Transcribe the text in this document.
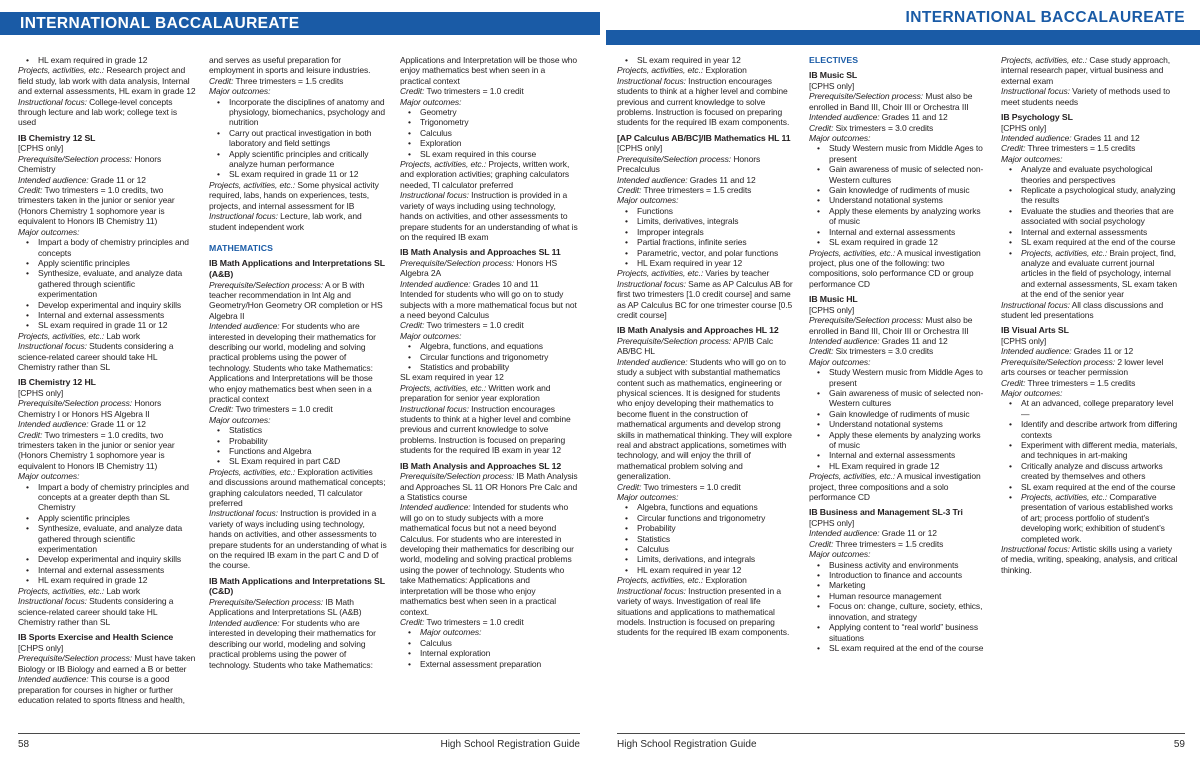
INTERNATIONAL BACCALAUREATE
• HL exam required in grade 12
Projects, activities, etc.: Research project and field study, lab work with data analysis, Internal and external assessments, HL exam in grade 12
Instructional focus: College-level concepts through lecture and lab work; college text is used
IB Chemistry 12 SL
[CPHS only]
Prerequisite/Selection process: Honors Chemistry
Intended audience: Grade 11 or 12
Credit: Two trimesters = 1.0 credits, two trimesters taken in the junior or senior year (Honors Chemistry 1 sophomore year is equivalent to Honors IB Chemistry 11)
Major outcomes:
• Impart a body of chemistry principles and concepts
• Apply scientific principles
• Synthesize, evaluate, and analyze data gathered through scientific experimentation
• Develop experimental and inquiry skills
• Internal and external assessments
• SL exam required in grade 11 or 12
Projects, activities, etc.: Lab work
Instructional focus: Students considering a science-related career should take HL Chemistry rather than SL
IB Chemistry 12 HL
[CPHS only]
Prerequisite/Selection process: Honors Chemistry I or Honors HS Algebra II
Intended audience: Grade 11 or 12
Credit: Two trimesters = 1.0 credits, two trimesters taken in the junior or senior year (Honors Chemistry 1 sophomore year is equivalent to Honors IB Chemistry 11)
Major outcomes:
• Impart a body of chemistry principles and concepts at a greater depth than SL Chemistry
• Apply scientific principles
• Synthesize, evaluate, and analyze data gathered through scientific experimentation
• Develop experimental and inquiry skills
• Internal and external assessments
• HL exam required in grade 12
Projects, activities, etc.: Lab work
Instructional focus: Students considering a science-related career should take HL Chemistry rather than SL
IB Sports Exercise and Health Science
[CHPS only]
Prerequisite/Selection process: Must have taken Biology or IB Biology and earned a B or better
Intended audience: This course is a good preparation for courses in higher or further education related to sports fitness and health,
and serves as useful preparation for employment in sports and leisure industries.
Credit: Three trimesters = 1.5 credits
Major outcomes:
• Incorporate the disciplines of anatomy and physiology, biomechanics, psychology and nutrition
• Carry out practical investigation in both laboratory and field settings
• Apply scientific principles and critically analyze human performance
• SL exam required in grade 11 or 12
Projects, activities, etc.: Some physical activity required, labs, hands on experiences, tests, projects, and internal assessment for IB
Instructional focus: Lecture, lab work, and student independent work
MATHEMATICS
IB Math Applications and Interpretations SL (A&B)
Prerequisite/Selection process: A or B with teacher recommendation in Int Alg and Geometry/Hon Geometry OR completion or HS Algebra II
Intended audience: For students who are interested in developing their mathematics for describing our world, modeling and solving practical problems using the power of technology. Students who take Mathematics: Applications and Interpretations will be those who enjoy mathematics best when seen in a practical context
Credit: Two trimesters = 1.0 credit
Major outcomes:
• Statistics
• Probability
• Functions and Algebra
• SL Exam required in part C&D
Projects, activities, etc.: Exploration activities and discussions around mathematical concepts; graphing calculators needed, TI calculator preferred
Instructional focus: Instruction is provided in a variety of ways including using technology, hands on activities, and other assessments to prepare students for an understanding of what is on the required IB exam in the part C and D of the course.
IB Math Applications and Interpretations SL (C&D)
Prerequisite/Selection process: IB Math Applications and Interpretations SL (A&B)
Intended audience: For students who are interested in developing their mathematics for describing our world, modeling and solving practical problems using the power of technology. Students who take Mathematics:
Applications and Interpretation will be those who enjoy mathematics best when seen in a practical context
Credit: Two trimesters = 1.0 credit
Major outcomes:
• Geometry
• Trigonometry
• Calculus
• Exploration
• SL exam required in this course
Projects, activities, etc.: Projects, written work, and exploration activities; graphing calculators needed, TI calculator preferred
Instructional focus: Instruction is provided in a variety of ways including using technology, hands on activities, and other assessments to prepare students for an understanding of what is on the required IB exam
IB Math Analysis and Approaches SL 11
Prerequisite/Selection process: Honors HS Algebra 2A
Intended audience: Grades 10 and 11
Intended for students who will go on to study subjects with a more mathematical focus but not a need beyond Calculus
Credit: Two trimesters = 1.0 credit
Major outcomes:
• Algebra, functions, and equations
• Circular functions and trigonometry
• Statistics and probability
SL exam required in year 12
Projects, activities, etc.: Written work and preparation for senior year exploration
Instructional focus: Instruction encourages students to think at a higher level and combine previous and current knowledge to solve problems. Instruction is focused on preparing students for the required IB exam in year 12
IB Math Analysis and Approaches SL 12
Prerequisite/Selection process: IB Math Analysis and Approaches SL 11 OR Honors Pre Calc and a Statistics course
Intended audience: Intended for students who will go on to study subjects with a more mathematical focus but not a need beyond Calculus. For students who are interested in developing their mathematics for describing our world, modeling and solving practical problems using the power of technology. Students who take Mathematics: Applications and interpretation will be those who enjoy mathematics best when seen in a practical context.
Credit: Two trimesters = 1.0 credit
• Major outcomes:
• Calculus
• Internal exploration
• External assessment preparation
58	High School Registration Guide
INTERNATIONAL BACCALAUREATE
• SL exam required in year 12
Projects, activities, etc.: Exploration
Instructional focus: Instruction encourages students to think at a higher level and combine previous and current knowledge to solve problems. Instruction is focused on preparing students for the required IB exam components.
[AP Calculus AB/BC]/IB Mathematics HL 11
[CPHS only]
Prerequisite/Selection process: Honors Precalculus
Intended audience: Grades 11 and 12
Credit: Three trimesters = 1.5 credits
Major outcomes:
• Functions
• Limits, derivatives, integrals
• Improper integrals
• Partial fractions, infinite series
• Parametric, vector, and polar functions
• HL Exam required in year 12
Projects, activities, etc.: Varies by teacher
Instructional focus: Same as AP Calculus AB for first two trimesters [1.0 credit course] and same as AP Calculus BC for one trimester course [0.5 credit course]
IB Math Analysis and Approaches HL 12
Prerequisite/Selection process: AP/IB Calc AB/BC HL
Intended audience: Students who will go on to study a subject with substantial mathematics content such as mathematics, engineering or physical sciences. It is designed for students who enjoy developing their mathematics to become fluent in the construction of mathematical arguments and develop strong skills in mathematical thinking. They will explore real and abstract applications, sometimes with technology, and will enjoy the thrill of mathematical problem solving and generalization.
Credit: Two trimesters = 1.0 credit
Major outcomes:
• Algebra, functions and equations
• Circular functions and trigonometry
• Probability
• Statistics
• Calculus
• Limits, derivations, and integrals
• HL exam required in year 12
Projects, activities, etc.: Exploration
Instructional focus: Instruction presented in a variety of ways. Investigation of real life situations and applications to mathematical models. Instruction is focused on preparing students for the required IB exam components.
ELECTIVES
IB Music SL
[CPHS only]
Prerequisite/Selection process: Must also be enrolled in Band III, Choir III or Orchestra III
Intended audience: Grades 11 and 12
Credit: Six trimesters = 3.0 credits
Major outcomes:
• Study Western music from Middle Ages to present
• Gain awareness of music of selected non-Western cultures
• Gain knowledge of rudiments of music
• Understand notational systems
• Apply these elements by analyzing works of music
• Internal and external assessments
• SL exam required in grade 12
Projects, activities, etc.: A musical investigation project, plus one of the following: two compositions, solo performance CD or group performance CD
IB Music HL
[CPHS only]
Prerequisite/Selection process: Must also be enrolled in Band III, Choir III or Orchestra III
Intended audience: Grades 11 and 12
Credit: Six trimesters = 3.0 credits
Major outcomes:
• Study Western music from Middle Ages to present
• Gain awareness of music of selected non-Western cultures
• Gain knowledge of rudiments of music
• Understand notational systems
• Apply these elements by analyzing works of music
• Internal and external assessments
• HL Exam required in grade 12
Projects, activities, etc.: A musical investigation project, three compositions and a solo performance CD
IB Business and Management SL-3 Tri
[CPHS only]
Intended audience: Grade 11 or 12
Credit: Three trimesters = 1.5 credits
Major outcomes:
• Business activity and environments
• Introduction to finance and accounts
• Marketing
• Human resource management
• Focus on: change, culture, society, ethics, innovation, and strategy
• Applying content to “real world” business situations
• SL exam required at the end of the course
Projects, activities, etc.: Case study approach, internal research paper, virtual business and external exam
Instructional focus: Variety of methods used to meet students needs
IB Psychology SL
[CPHS only]
Intended audience: Grades 11 and 12
Credit: Three trimesters = 1.5 credits
Major outcomes:
• Analyze and evaluate psychological theories and perspectives
• Replicate a psychological study, analyzing the results
• Evaluate the studies and theories that are associated with social psychology
• Internal and external assessments
• SL exam required at the end of the course
• Projects, activities, etc.: Brain project, find, analyze and evaluate current journal articles in the field of psychology, internal and external assessments, SL exam taken at the end of the senior year
Instructional focus: All class discussions and student led presentations
IB Visual Arts SL
[CPHS only]
Intended audience: Grades 11 or 12
Prerequisite/Selection process: 2 lower level arts courses or teacher permission
Credit: Three trimesters = 1.5 credits
Major outcomes:
• At an advanced, college preparatory level—
• Identify and describe artwork from differing contexts
• Experiment with different media, materials, and techniques in art-making
• Critically analyze and discuss artworks created by themselves and others
• SL exam required at the end of the course
• Projects, activities, etc.: Comparative presentation of various established works of art; process portfolio of student’s developing work; exhibition of student’s completed work.
Instructional focus: Artistic skills using a variety of media, writing, speaking, analysis, and critical thinking.
High School Registration Guide	59
